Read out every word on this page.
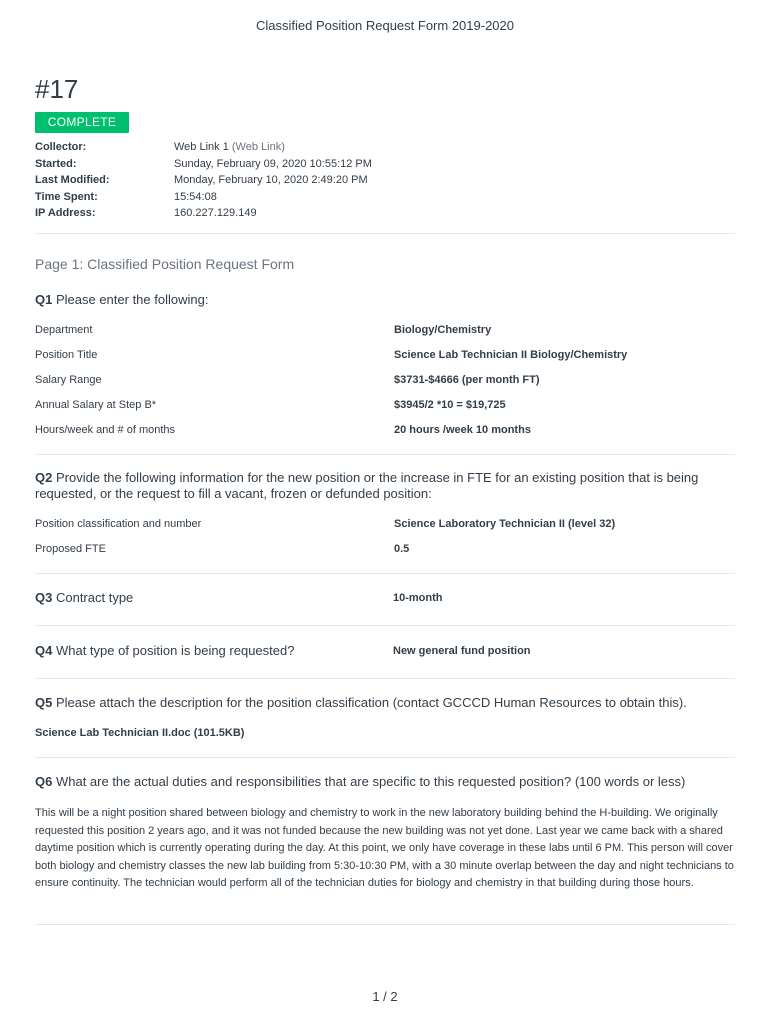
Classified Position Request Form 2019-2020
#17
COMPLETE
Collector:	Web Link 1 (Web Link)
Started:	Sunday, February 09, 2020 10:55:12 PM
Last Modified:	Monday, February 10, 2020 2:49:20 PM
Time Spent:	15:54:08
IP Address:	160.227.129.149
Page 1: Classified Position Request Form
Q1 Please enter the following:
Department	Biology/Chemistry
Position Title	Science Lab Technician II Biology/Chemistry
Salary Range	$3731-$4666 (per month FT)
Annual Salary at Step B*	$3945/2 *10 = $19,725
Hours/week and # of months	20 hours /week 10 months
Q2 Provide the following information for the new position or the increase in FTE for an existing position that is being requested, or the request to fill a vacant, frozen or defunded position:
Position classification and number	Science Laboratory Technician II (level 32)
Proposed FTE	0.5
Q3 Contract type	10-month
Q4 What type of position is being requested?	New general fund position
Q5 Please attach the description for the position classification (contact GCCCD Human Resources to obtain this).
Science Lab Technician II.doc (101.5KB)
Q6 What are the actual duties and responsibilities that are specific to this requested position? (100 words or less)
This will be a night position shared between biology and chemistry to work in the new laboratory building behind the H-building. We originally requested this position 2 years ago, and it was not funded because the new building was not yet done. Last year we came back with a shared daytime position which is currently operating during the day. At this point, we only have coverage in these labs until 6 PM. This person will cover both biology and chemistry classes the new lab building from 5:30-10:30 PM, with a 30 minute overlap between the day and night technicians to ensure continuity. The technician would perform all of the technician duties for biology and chemistry in that building during those hours.
1 / 2
